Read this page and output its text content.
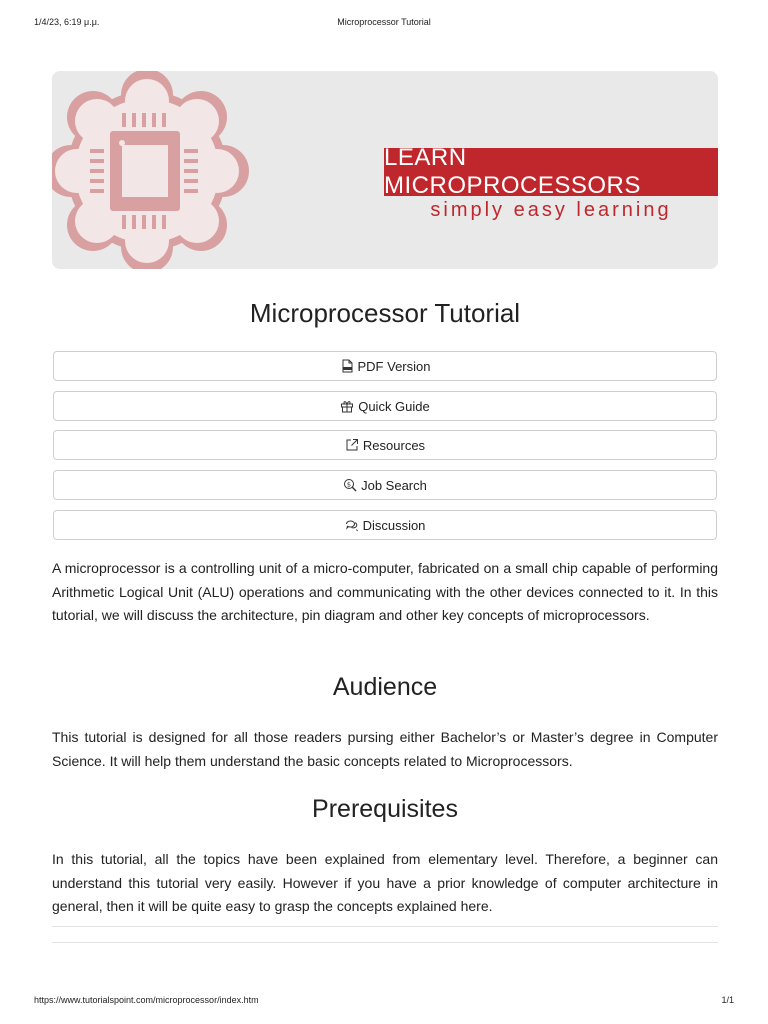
1/4/23, 6:19 μ.μ.	Microprocessor Tutorial
LEARN MICROPROCESSORS
simply easy learning
Microprocessor Tutorial
PDF Version
Quick Guide
Resources
$ Job Search
Discussion

A microprocessor is a controlling unit of a micro-computer, fabricated on a small chip capable of performing Arithmetic Logical Unit (ALU) operations and communicating with the other devices connected to it. In this tutorial, we will discuss the architecture, pin diagram and other key concepts of microprocessors.

Audience

This tutorial is designed for all those readers pursing either Bachelor’s or Master’s degree in Computer Science. It will help them understand the basic concepts related to Microprocessors.

Prerequisites

In this tutorial, all the topics have been explained from elementary level. Therefore, a beginner can understand this tutorial very easily. However if you have a prior knowledge of computer architecture in general, then it will be quite easy to grasp the concepts explained here.

https://www.tutorialspoint.com/microprocessor/index.htm	1/1
